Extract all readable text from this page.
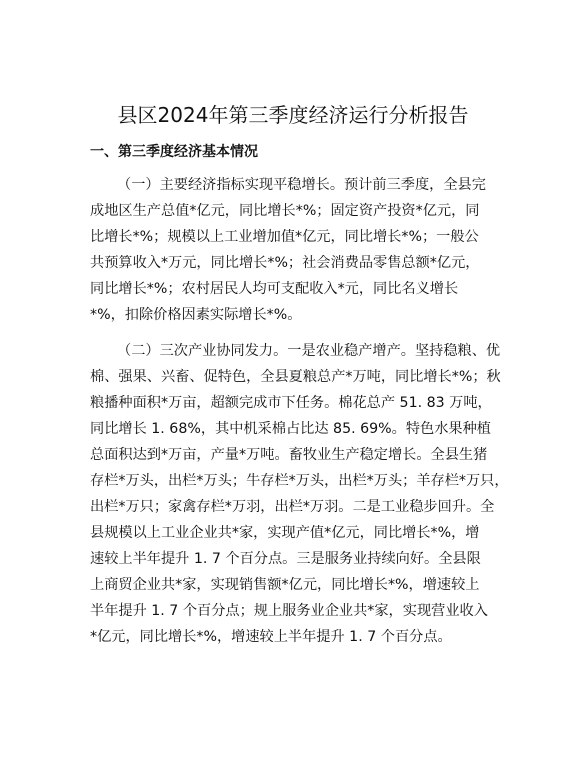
县区2024年第三季度经济运行分析报告
一、第三季度经济基本情况
（一）主要经济指标实现平稳增长。预计前三季度，全县完
成地区生产总值*亿元，同比增长*%；固定资产投资*亿元，同
比增长*%；规模以上工业增加值*亿元，同比增长*%；一般公
共预算收入*万元，同比增长*%；社会消费品零售总额*亿元，
同比增长*%；农村居民人均可支配收入*元，同比名义增长
*%，扣除价格因素实际增长*%。
（二）三次产业协同发力。一是农业稳产增产。坚持稳粮、优
棉、强果、兴畜、促特色，全县夏粮总产*万吨，同比增长*%；秋
粮播种面积*万亩，超额完成市下任务。棉花总产 51. 83 万吨，
同比增长 1. 68%，其中机采棉占比达 85. 69%。特色水果种植
总面积达到*万亩，产量*万吨。畜牧业生产稳定增长。全县生猪
存栏*万头，出栏*万头；牛存栏*万头，出栏*万头；羊存栏*万只，
出栏*万只；家禽存栏*万羽，出栏*万羽。二是工业稳步回升。全
县规模以上工业企业共*家，实现产值*亿元，同比增长*%，增
速较上半年提升 1. 7 个百分点。三是服务业持续向好。全县限
上商贸企业共*家，实现销售额*亿元，同比增长*%，增速较上
半年提升 1. 7 个百分点；规上服务业企业共*家，实现营业收入
*亿元，同比增长*%，增速较上半年提升 1. 7 个百分点。
